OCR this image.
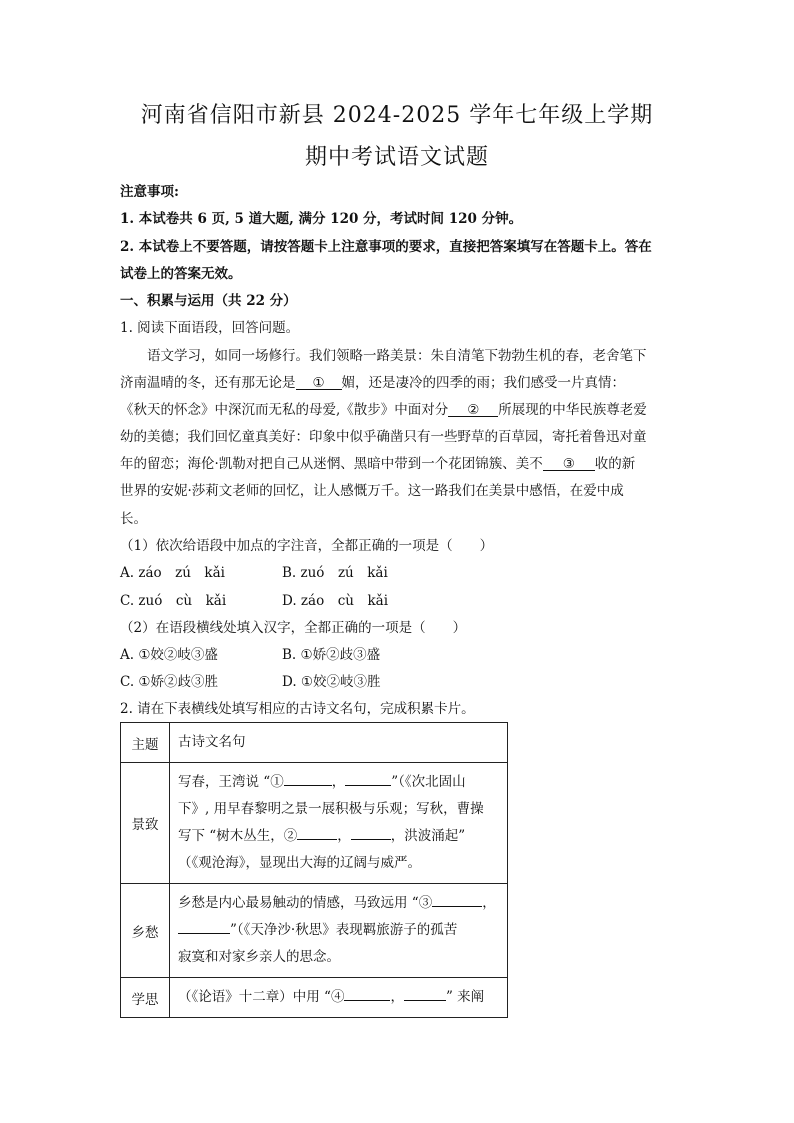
河南省信阳市新县 2024-2025 学年七年级上学期
期中考试语文试题
注意事项:
1. 本试卷共 6 页, 5 道大题, 满分 120 分，考试时间 120 分钟。
2. 本试卷上不要答题，请按答题卡上注意事项的要求，直接把答案填写在答题卡上。答在
试卷上的答案无效。
一、积累与运用（共 22 分）
1. 阅读下面语段，回答问题。
语文学习，如同一场修行。我们领略一路美景：朱自清笔下勃勃生机的春，老舍笔下
济南温晴的冬，还有那无论是 ① 媚，还是凄冷的四季的雨；我们感受一片真情：
《秋天的怀念》中深沉而无私的母爱,《散步》中面对分 ② 所展现的中华民族尊老爱
幼的美德；我们回忆童真美好：印象中似乎确凿只有一些野草的百草园，寄托着鲁迅对童
年的留恋；海伦·凯勒对把自己从迷惘、黑暗中带到一个花团锦簇、美不 ③ 收的新
世界的安妮·莎莉文老师的回忆，让人感慨万千。这一路我们在美景中感悟，在爱中成
长。
（1）依次给语段中加点的字注音，全都正确的一项是（　　）
A. záo　zú　kǎi	B. zuó　zú　kǎi
C. zuó　cù　kǎi	D. záo　cù　kǎi
（2）在语段横线处填入汉字，全都正确的一项是（　　）
A. ①姣②岐③盛	B. ①娇②歧③盛
C. ①娇②歧③胜	D. ①姣②岐③胜
2. 请在下表横线处填写相应的古诗文名句，完成积累卡片。
主题	古诗文名句
景致	写春，王湾说 “① ， ”（《次北固山
下》, 用早春黎明之景一展积极与乐观；写秋，曹操
写下 “树木丛生，② ， ，洪波涌起”
（《观沧海》，显现出大海的辽阔与威严。

乡愁	乡愁是内心最易触动的情感，马致远用 “③ ，
”（《天净沙·秋思》表现羁旅游子的孤苦
寂寞和对家乡亲人的思念。

学思	（《论语》十二章）中用 “④ ， ” 来阐
